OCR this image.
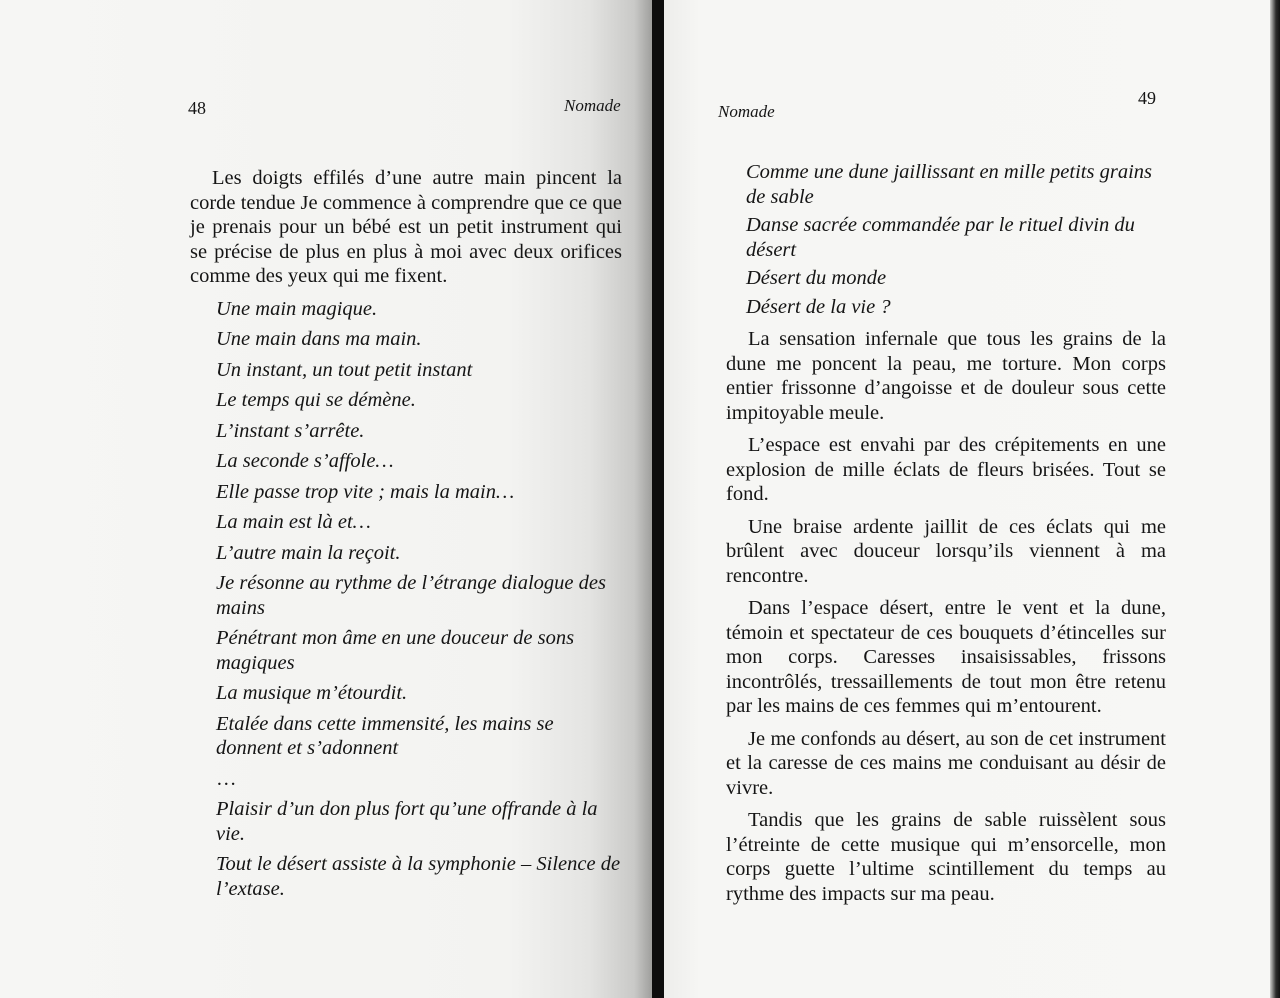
48	Nomade

Les doigts effilés d’une autre main pincent la corde tendue Je commence à comprendre que ce que je prenais pour un bébé est un petit instrument qui se précise de plus en plus à moi avec deux orifices comme des yeux qui me fixent.

Une main magique.
Une main dans ma main.
Un instant, un tout petit instant
Le temps qui se démène.
L’instant s’arrête.
La seconde s’affole…
Elle passe trop vite ; mais la main…
La main est là et…
L’autre main la reçoit.
Je résonne au rythme de l’étrange dialogue des mains
Pénétrant mon âme en une douceur de sons magiques
La musique m’étourdit.
Etalée dans cette immensité, les mains se donnent et s’adonnent
…
Plaisir d’un don plus fort qu’une offrande à la vie.
Tout le désert assiste à la symphonie – Silence de l’extase.
49
Nomade
Comme une dune jaillissant en mille petits grains de sable
Danse sacrée commandée par le rituel divin du désert
Désert du monde
Désert de la vie ?

La sensation infernale que tous les grains de la dune me poncent la peau, me torture. Mon corps entier frissonne d’angoisse et de douleur sous cette impitoyable meule.

L’espace est envahi par des crépitements en une explosion de mille éclats de fleurs brisées. Tout se fond.

Une braise ardente jaillit de ces éclats qui me brûlent avec douceur lorsqu’ils viennent à ma rencontre.

Dans l’espace désert, entre le vent et la dune, témoin et spectateur de ces bouquets d’étincelles sur mon corps. Caresses insaisissables, frissons incontrôlés, tressaillements de tout mon être retenu par les mains de ces femmes qui m’entourent.

Je me confonds au désert, au son de cet instrument et la caresse de ces mains me conduisant au désir de vivre.

Tandis que les grains de sable ruissèlent sous l’étreinte de cette musique qui m’ensorcelle, mon corps guette l’ultime scintillement du temps au rythme des impacts sur ma peau.
